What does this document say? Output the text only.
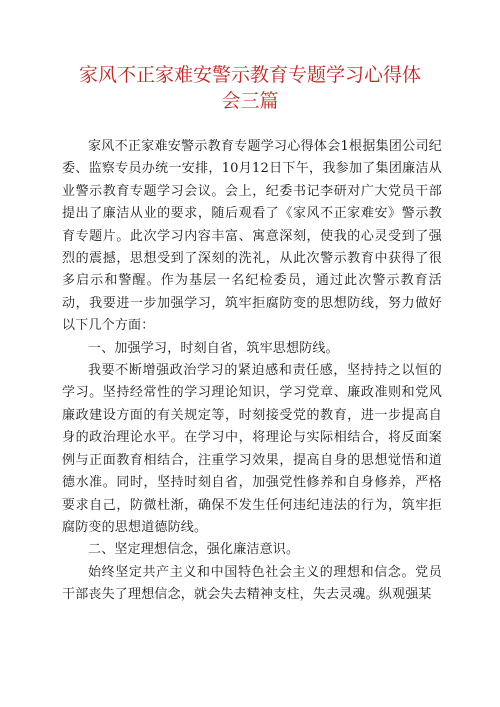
家风不正家难安警示教育专题学习心得体
会三篇

家风不正家难安警示教育专题学习心得体会1根据集团公司纪委、监察专员办统一安排，10月12日下午，我参加了集团廉洁从业警示教育专题学习会议。会上，纪委书记李研对广大党员干部提出了廉洁从业的要求，随后观看了《家风不正家难安》警示教育专题片。此次学习内容丰富、寓意深刻，使我的心灵受到了强烈的震撼，思想受到了深刻的洗礼，从此次警示教育中获得了很多启示和警醒。作为基层一名纪检委员，通过此次警示教育活动，我要进一步加强学习，筑牢拒腐防变的思想防线，努力做好以下几个方面：

一、加强学习，时刻自省，筑牢思想防线。

我要不断增强政治学习的紧迫感和责任感，坚持持之以恒的学习。坚持经常性的学习理论知识，学习党章、廉政准则和党风廉政建设方面的有关规定等，时刻接受党的教育，进一步提高自身的政治理论水平。在学习中，将理论与实际相结合，将反面案例与正面教育相结合，注重学习效果，提高自身的思想觉悟和道德水准。同时，坚持时刻自省，加强党性修养和自身修养，严格要求自己，防微杜渐，确保不发生任何违纪违法的行为，筑牢拒腐防变的思想道德防线。

二、坚定理想信念，强化廉洁意识。

始终坚定共产主义和中国特色社会主义的理想和信念。党员干部丧失了理想信念，就会失去精神支柱，失去灵魂。纵观强某
